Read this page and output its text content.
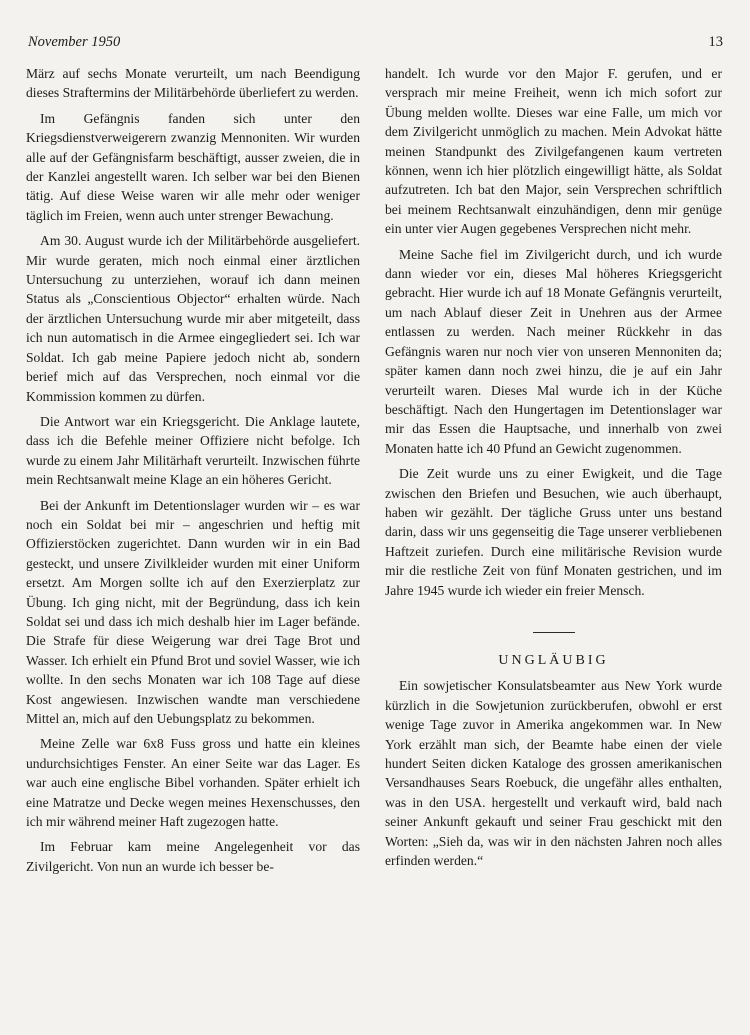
November 1950	13

März auf sechs Monate verurteilt, um nach Beendigung dieses Straftermins der Militärbehörde überliefert zu werden.

Im Gefängnis fanden sich unter den Kriegsdienstverweigerern zwanzig Mennoniten. Wir wurden alle auf der Gefängnisfarm beschäftigt, ausser zweien, die in der Kanzlei angestellt waren. Ich selber war bei den Bienen tätig. Auf diese Weise waren wir alle mehr oder weniger täglich im Freien, wenn auch unter strenger Bewachung.

Am 30. August wurde ich der Militärbehörde ausgeliefert. Mir wurde geraten, mich noch einmal einer ärztlichen Untersuchung zu unterziehen, worauf ich dann meinen Status als „Conscientious Objector“ erhalten würde. Nach der ärztlichen Untersuchung wurde mir aber mitgeteilt, dass ich nun automatisch in die Armee eingegliedert sei. Ich war Soldat. Ich gab meine Papiere jedoch nicht ab, sondern berief mich auf das Versprechen, noch einmal vor die Kommission kommen zu dürfen.

Die Antwort war ein Kriegsgericht. Die Anklage lautete, dass ich die Befehle meiner Offiziere nicht befolge. Ich wurde zu einem Jahr Militärhaft verurteilt. Inzwischen führte mein Rechtsanwalt meine Klage an ein höheres Gericht.

Bei der Ankunft im Detentionslager wurden wir – es war noch ein Soldat bei mir – angeschrien und heftig mit Offizierstöcken zugerichtet. Dann wurden wir in ein Bad gesteckt, und unsere Zivilkleider wurden mit einer Uniform ersetzt. Am Morgen sollte ich auf den Exerzierplatz zur Übung. Ich ging nicht, mit der Begründung, dass ich kein Soldat sei und dass ich mich deshalb hier im Lager befände. Die Strafe für diese Weigerung war drei Tage Brot und Wasser. Ich erhielt ein Pfund Brot und soviel Wasser, wie ich wollte. In den sechs Monaten war ich 108 Tage auf diese Kost angewiesen. Inzwischen wandte man verschiedene Mittel an, mich auf den Uebungsplatz zu bekommen.

Meine Zelle war 6x8 Fuss gross und hatte ein kleines undurchsichtiges Fenster. An einer Seite war das Lager. Es war auch eine englische Bibel vorhanden. Später erhielt ich eine Matratze und Decke wegen meines Hexenschusses, den ich mir während meiner Haft zugezogen hatte.

Im Februar kam meine Angelegenheit vor das Zivilgericht. Von nun an wurde ich besser be-

handelt. Ich wurde vor den Major F. gerufen, und er versprach mir meine Freiheit, wenn ich mich sofort zur Übung melden wollte. Dieses war eine Falle, um mich vor dem Zivilgericht unmöglich zu machen. Mein Advokat hätte meinen Standpunkt des Zivilgefangenen kaum vertreten können, wenn ich hier plötzlich eingewilligt hätte, als Soldat aufzutreten. Ich bat den Major, sein Versprechen schriftlich bei meinem Rechtsanwalt einzuhändigen, denn mir genüge ein unter vier Augen gegebenes Versprechen nicht mehr.

Meine Sache fiel im Zivilgericht durch, und ich wurde dann wieder vor ein, dieses Mal höheres Kriegsgericht gebracht. Hier wurde ich auf 18 Monate Gefängnis verurteilt, um nach Ablauf dieser Zeit in Unehren aus der Armee entlassen zu werden. Nach meiner Rückkehr in das Gefängnis waren nur noch vier von unseren Mennoniten da; später kamen dann noch zwei hinzu, die je auf ein Jahr verurteilt waren. Dieses Mal wurde ich in der Küche beschäftigt. Nach den Hungertagen im Detentionslager war mir das Essen die Hauptsache, und innerhalb von zwei Monaten hatte ich 40 Pfund an Gewicht zugenommen.

Die Zeit wurde uns zu einer Ewigkeit, und die Tage zwischen den Briefen und Besuchen, wie auch überhaupt, haben wir gezählt. Der tägliche Gruss unter uns bestand darin, dass wir uns gegenseitig die Tage unserer verbliebenen Haftzeit zuriefen. Durch eine militärische Revision wurde mir die restliche Zeit von fünf Monaten gestrichen, und im Jahre 1945 wurde ich wieder ein freier Mensch.

UNGLÄUBIG

Ein sowjetischer Konsulatsbeamter aus New York wurde kürzlich in die Sowjetunion zurückberufen, obwohl er erst wenige Tage zuvor in Amerika angekommen war. In New York erzählt man sich, der Beamte habe einen der viele hundert Seiten dicken Kataloge des grossen amerikanischen Versandhauses Sears Roebuck, die ungefähr alles enthalten, was in den USA. hergestellt und verkauft wird, bald nach seiner Ankunft gekauft und seiner Frau geschickt mit den Worten: „Sieh da, was wir in den nächsten Jahren noch alles erfinden werden.“
